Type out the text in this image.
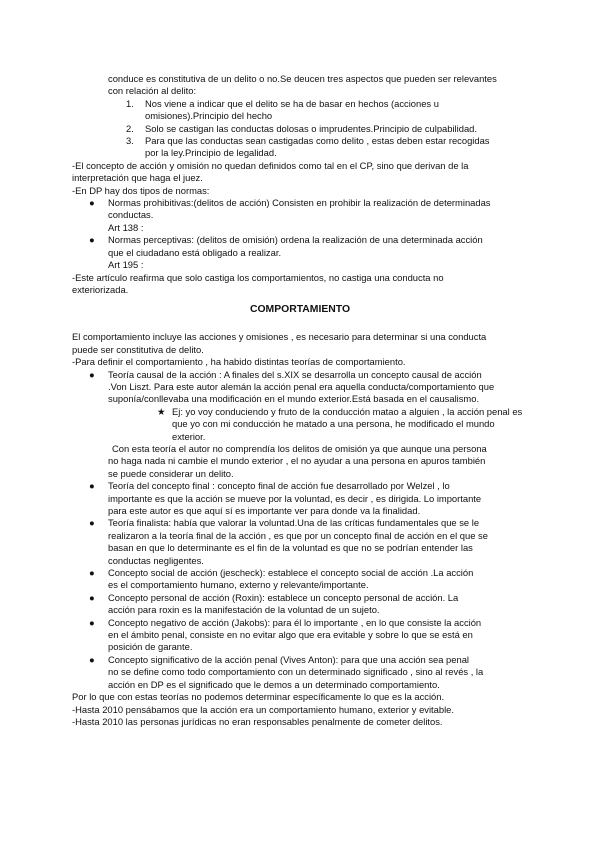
conduce es constitutiva de un delito o no.Se deucen tres aspectos que pueden ser relevantes

con relación al delito:

1. Nos viene a indicar que el delito se ha de basar en hechos (acciones u
omisiones).Principio del hecho
2. Solo se castigan las conductas dolosas o imprudentes.Principio de culpabilidad.
3. Para que las conductas sean castigadas como delito , estas deben estar recogidas
por la ley.Principio de legalidad.

-El concepto de acción y omisión no quedan definidos como tal en el CP, sino que derivan de la

interpretación que haga el juez.

-En DP hay dos tipos de normas:

● Normas prohibitivas:(delitos de acción) Consisten en prohibir la realización de determinadas

conductas.

Art 138 :

● Normas perceptivas: (delitos de omisión) ordena la realización de una determinada acción

que el ciudadano está obligado a realizar.

Art 195 :

-Este artículo reafirma que solo castiga los comportamientos, no castiga una conducta no

exteriorizada.

COMPORTAMIENTO

El comportamiento incluye las acciones y omisiones , es necesario para determinar si una conducta

puede ser constitutiva de delito.

-Para definir el comportamiento , ha habido distintas teorías de comportamiento.

● Teoría causal de la acción : A finales del s.XIX se desarrolla un concepto causal de acción

.Von Liszt. Para este autor alemán la acción penal era aquella conducta/comportamiento que

suponía/conllevaba una modificación en el mundo exterior.Está basada en el causalismo.

★ Ej: yo voy conduciendo y fruto de la conducción matao a alguien , la acción penal es

que yo con mi conducción he matado a una persona, he modificado el mundo

exterior.

Con esta teoría el autor no comprendía los delitos de omisión ya que aunque una persona

no haga nada ni cambie el mundo exterior , el no ayudar a una persona en apuros también

se puede considerar un delito.

● Teoría del concepto final : concepto final de acción fue desarrollado por Welzel , lo

importante es que la acción se mueve por la voluntad, es decir , es dirigida. Lo importante

para este autor es que aquí sí es importante ver para donde va la finalidad.

● Teoría finalista: había que valorar la voluntad.Una de las críticas fundamentales que se le

realizaron a la teoría final de la acción , es que por un concepto final de acción en el que se

basan en que lo determinante es el fin de la voluntad es que no se podrían entender las

conductas negligentes.

● Concepto social de acción (jescheck): establece el concepto social de acción .La acción

es el comportamiento humano, externo y relevante/importante.

● Concepto personal de acción (Roxin): establece un concepto personal de acción. La

acción para roxin es la manifestación de la voluntad de un sujeto.

● Concepto negativo de acción (Jakobs): para él lo importante , en lo que consiste la acción

en el ámbito penal, consiste en no evitar algo que era evitable y sobre lo que se está en

posición de garante.

● Concepto significativo de la acción penal (Vives Anton): para que una acción sea penal

no se define como todo comportamiento con un determinado significado , sino al revés , la

acción en DP es el significado que le demos a un determinado comportamiento.

Por lo que con estas teorías no podemos determinar específicamente lo que es la acción.

-Hasta 2010 pensábamos que la acción era un comportamiento humano, exterior y evitable.

-Hasta 2010 las personas jurídicas no eran responsables penalmente de cometer delitos.
